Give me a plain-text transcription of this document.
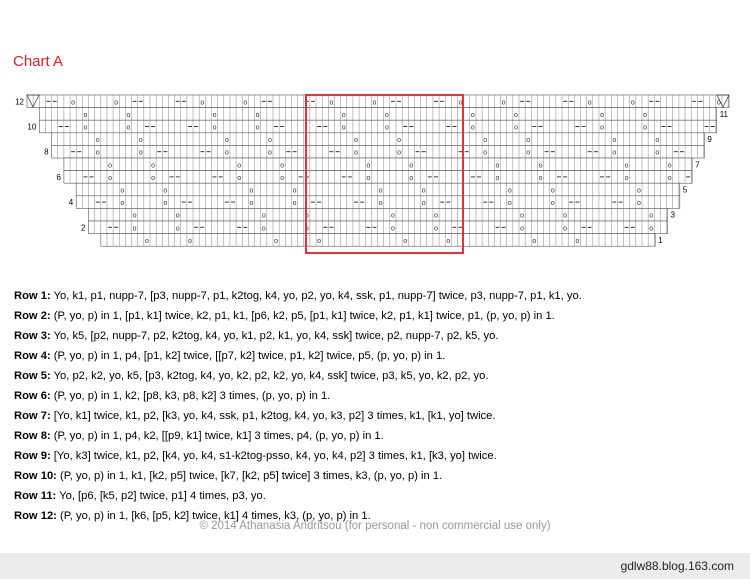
Chart A
o	o	o	o	o	o	o	o	o	o	o
o	o	o	o	o	o	o	o	o	o
o	o	o	o	o	o	o	o	o	o
o	o	o	o	o	o	o	o	o	o
o	o	o	o	o	o	o	o	o	o
o	o	o	o	o	o	o	o	o	o
o	o	o	o	o	o	o	o	o	o
o	o	o	o	o	o	o	o	o
o	o	o	o	o	o	o	o	o
o	o	o	o	o	o	o	o	o
o	o	o	o	o	o	o	o	o
o	o	o	o	o	o	o	o
12
10
8
6
4
2
11
9
7
5
3
1
Row 1: Yo, k1, p1, nupp-7, [p3, nupp-7, p1, k2tog, k4, yo, p2, yo, k4, ssk, p1, nupp-7] twice, p3, nupp-7, p1, k1, yo.
Row 2: (P, yo, p) in 1, [p1, k1] twice, k2, p1, k1, [p6, k2, p5, [p1, k1] twice, k2, p1, k1] twice, p1, (p, yo, p) in 1.
Row 3: Yo, k5, [p2, nupp-7, p2, k2tog, k4, yo, k1, p2, k1, yo, k4, ssk] twice, p2, nupp-7, p2, k5, yo.
Row 4: (P, yo, p) in 1, p4, [p1, k2] twice, [[p7, k2] twice, p1, k2] twice, p5, (p, yo, p) in 1.
Row 5: Yo, p2, k2, yo, k5, [p3, k2tog, k4, yo, k2, p2, k2, yo, k4, ssk] twice, p3, k5, yo, k2, p2, yo.
Row 6: (P, yo, p) in 1, k2, [p8, k3, p8, k2] 3 times, (p, yo, p) in 1.
Row 7: [Yo, k1] twice, k1, p2, [k3, yo, k4, ssk, p1, k2tog, k4, yo, k3, p2] 3 times, k1, [k1, yo] twice.
Row 8: (P, yo, p) in 1, p4, k2, [[p9, k1] twice, k1] 3 times, p4, (p, yo, p) in 1.
Row 9: [Yo, k3] twice, k1, p2, [k4, yo, k4, s1-k2tog-psso, k4, yo, k4, p2] 3 times, k1, [k3, yo] twice.
Row 10: (P, yo, p) in 1, k1, [k2, p5] twice, [k7, [k2, p5] twice] 3 times, k3, (p, yo, p) in 1.
Row 11: Yo, [p6, [k5, p2] twice, p1] 4 times, p3, yo.
Row 12: (P, yo, p) in 1, [k6, [p5, k2] twice, k1] 4 times, k3, (p, yo, p) in 1.
© 2014 Athanasia Andritsou (for personal - non commercial use only)
gdlw88.blog.163.com
